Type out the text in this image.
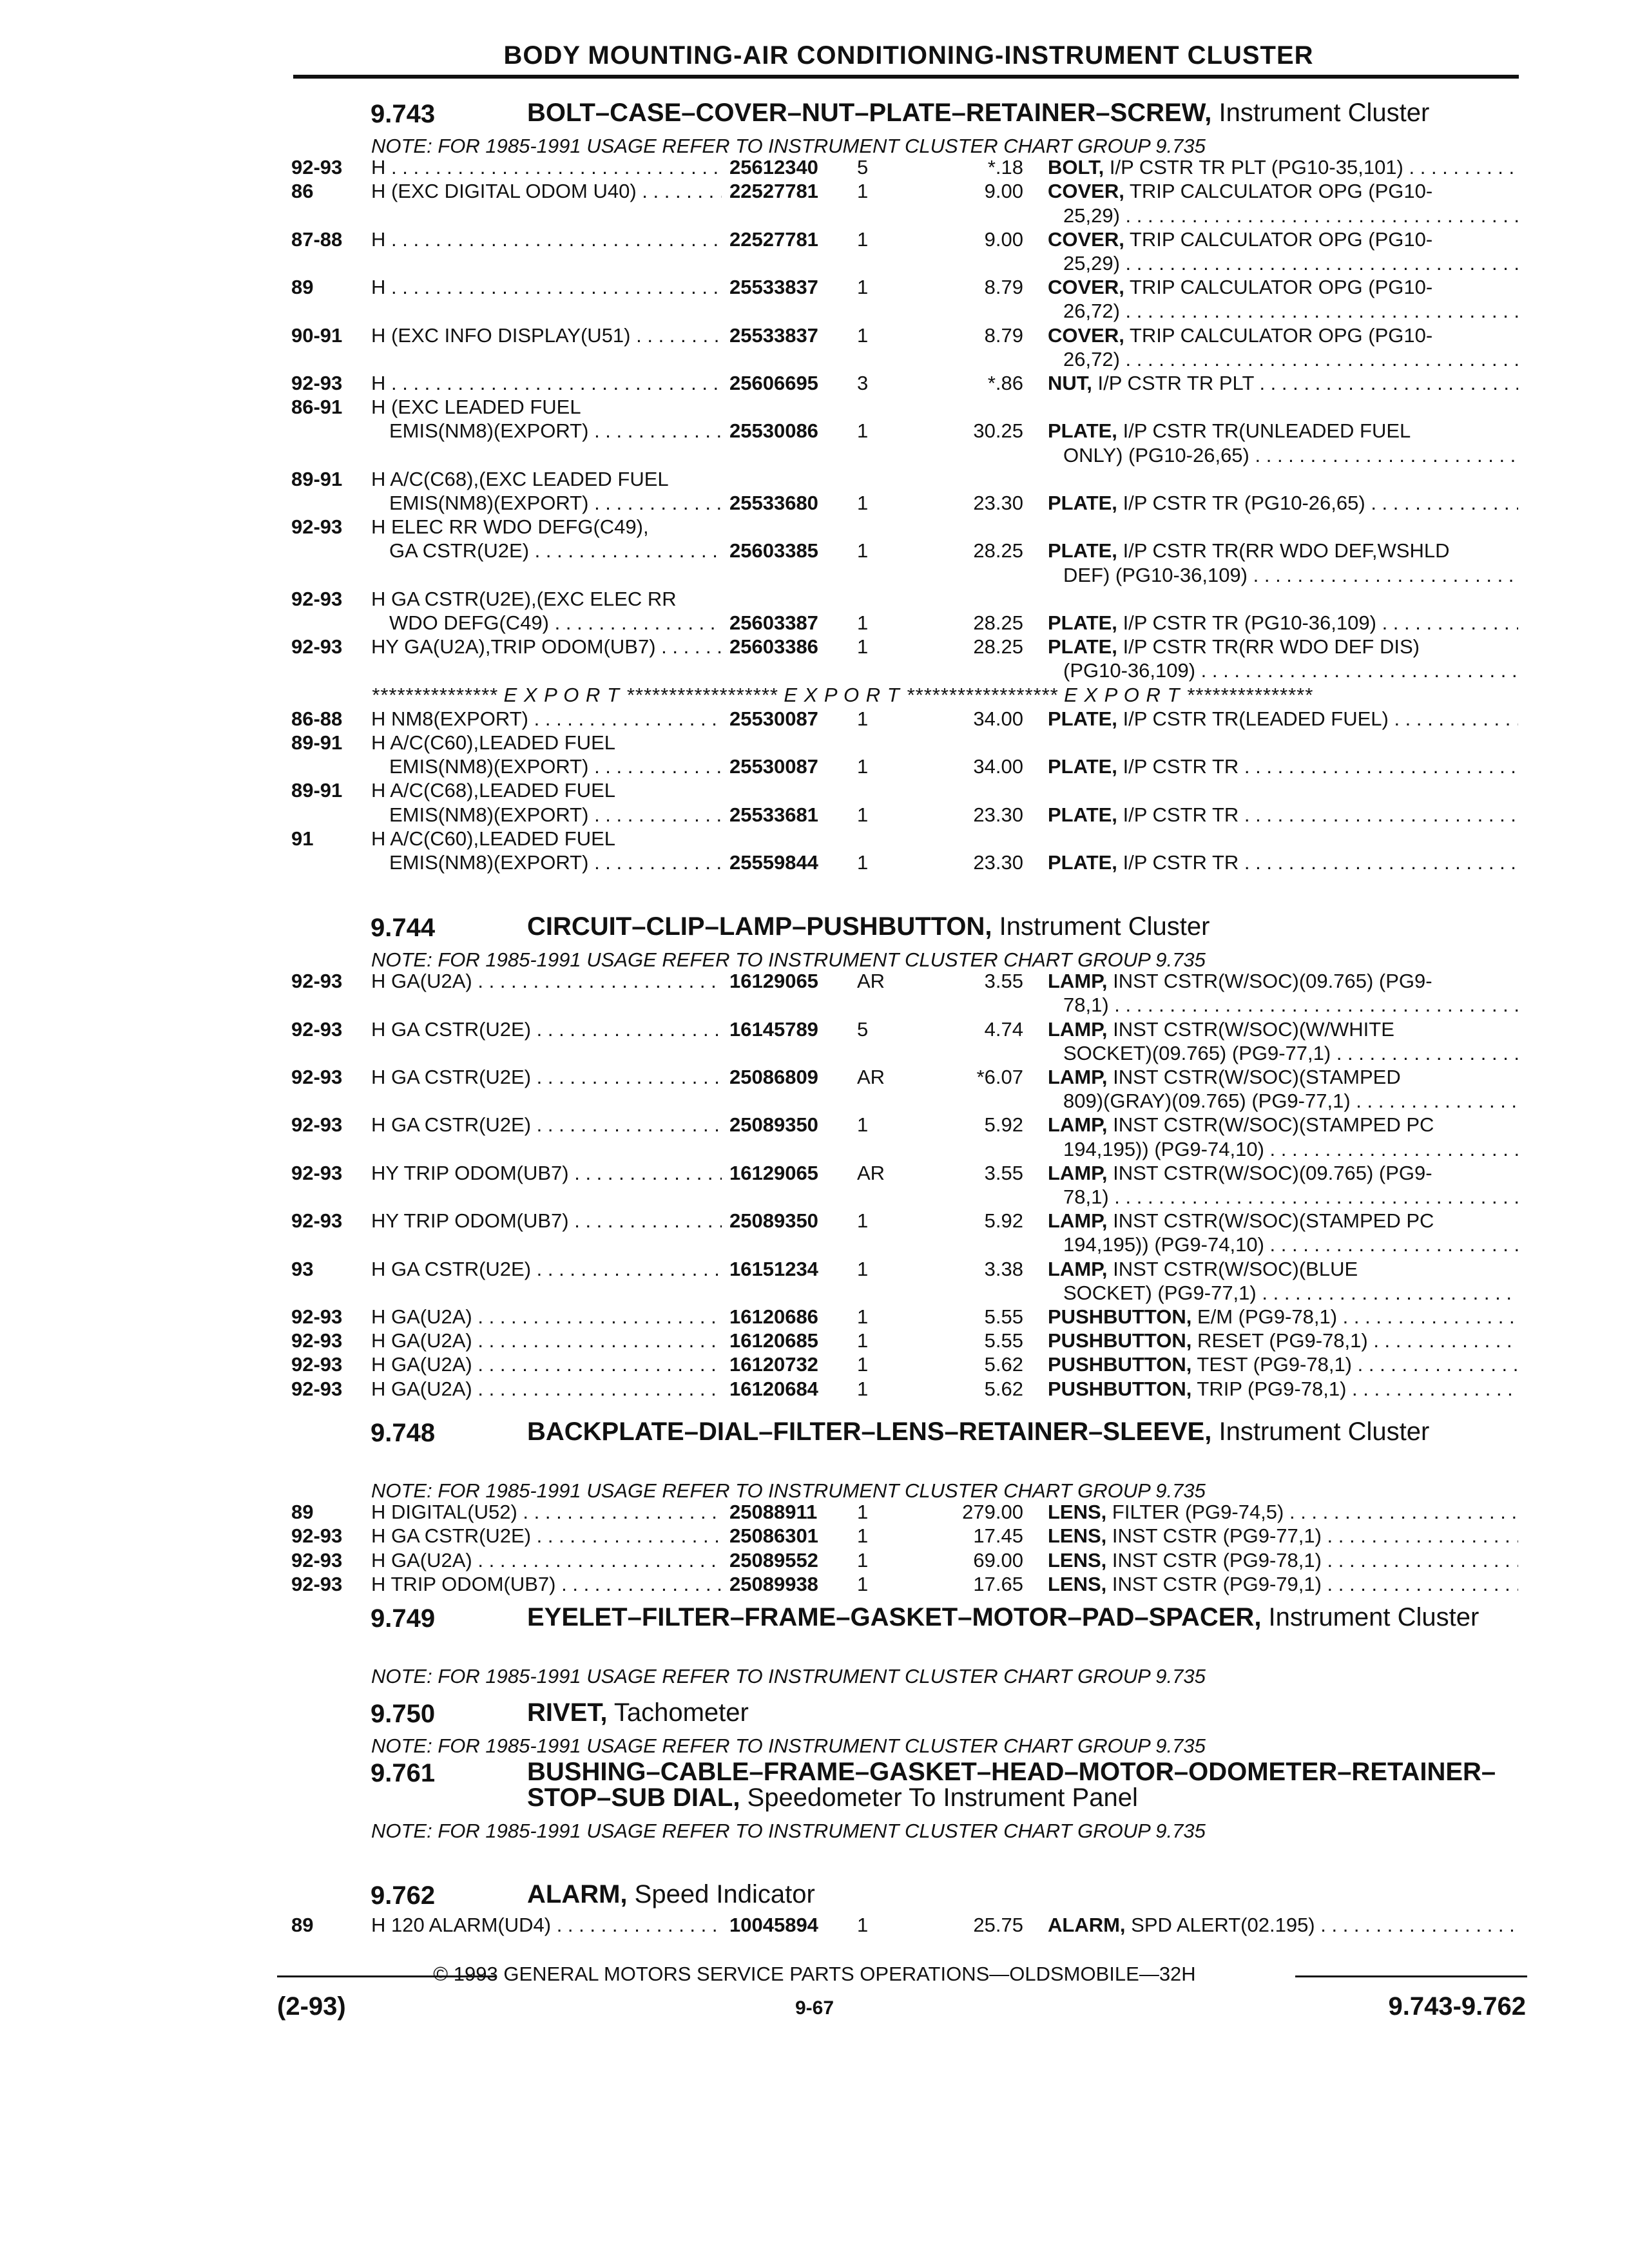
BODY MOUNTING-AIR CONDITIONING-INSTRUMENT CLUSTER
9.743	BOLT–CASE–COVER–NUT–PLATE–RETAINER–SCREW, Instrument Cluster
NOTE: FOR 1985-1991 USAGE REFER TO INSTRUMENT CLUSTER CHART GROUP 9.735
92-93	H . . .	25612340	5	*.18 BOLT, I/P CSTR TR PLT (PG10-35,101) . . .
86	H (EXC DIGITAL ODOM U40) . . .	22527781	1	9.00 COVER, TRIP CALCULATOR OPG (PG10-
25,29) . . .
87-88	H . . .	22527781	1	9.00 COVER, TRIP CALCULATOR OPG (PG10-
25,29) . . .
89	H . . .	25533837	1	8.79 COVER, TRIP CALCULATOR OPG (PG10-
26,72) . . .
90-91	H (EXC INFO DISPLAY(U51) . . .	25533837	1	8.79 COVER, TRIP CALCULATOR OPG (PG10-
26,72) . . .
92-93	H . . .	25606695	3	*.86 NUT, I/P CSTR TR PLT . . .
86-91	H (EXC LEADED FUEL
EMIS(NM8)(EXPORT) . . .	25530086	1	30.25 PLATE, I/P CSTR TR(UNLEADED FUEL
ONLY) (PG10-26,65) . . .
89-91	H A/C(C68),(EXC LEADED FUEL
EMIS(NM8)(EXPORT) . . .	25533680	1	23.30 PLATE, I/P CSTR TR (PG10-26,65) . . .
92-93	H ELEC RR WDO DEFG(C49),
GA CSTR(U2E) . . .	25603385	1	28.25 PLATE, I/P CSTR TR(RR WDO DEF,WSHLD
DEF) (PG10-36,109) . . .
92-93	H GA CSTR(U2E),(EXC ELEC RR
WDO DEFG(C49) . . .	25603387	1	28.25 PLATE, I/P CSTR TR (PG10-36,109) . . .
92-93	HY GA(U2A),TRIP ODOM(UB7) . . .	25603386	1	28.25 PLATE, I/P CSTR TR(RR WDO DEF DIS)
(PG10-36,109) . . .
*************** E X P O R T ****************** E X P O R T ****************** E X P O R T ***************
86-88	H NM8(EXPORT) . . .	25530087	1	34.00 PLATE, I/P CSTR TR(LEADED FUEL) . . .
89-91	H A/C(C60),LEADED FUEL
EMIS(NM8)(EXPORT) . . .	25530087	1	34.00 PLATE, I/P CSTR TR . . .
89-91	H A/C(C68),LEADED FUEL
EMIS(NM8)(EXPORT) . . .	25533681	1	23.30 PLATE, I/P CSTR TR . . .
91	H A/C(C60),LEADED FUEL
EMIS(NM8)(EXPORT) . . .	25559844	1	23.30 PLATE, I/P CSTR TR . . .
9.744	CIRCUIT–CLIP–LAMP–PUSHBUTTON, Instrument Cluster
NOTE: FOR 1985-1991 USAGE REFER TO INSTRUMENT CLUSTER CHART GROUP 9.735
92-93	H GA(U2A) . . .	16129065	AR	3.55 LAMP, INST CSTR(W/SOC)(09.765) (PG9-
78,1) . . .
92-93	H GA CSTR(U2E) . . .	16145789	5	4.74 LAMP, INST CSTR(W/SOC)(W/WHITE
SOCKET)(09.765) (PG9-77,1) . . .
92-93	H GA CSTR(U2E) . . .	25086809	AR	*6.07 LAMP, INST CSTR(W/SOC)(STAMPED
809)(GRAY)(09.765) (PG9-77,1) . . .
92-93	H GA CSTR(U2E) . . .	25089350	1	5.92 LAMP, INST CSTR(W/SOC)(STAMPED PC
194,195)) (PG9-74,10) . . .
92-93	HY TRIP ODOM(UB7) . . .	16129065	AR	3.55 LAMP, INST CSTR(W/SOC)(09.765) (PG9-
78,1) . . .
92-93	HY TRIP ODOM(UB7) . . .	25089350	1	5.92 LAMP, INST CSTR(W/SOC)(STAMPED PC
194,195)) (PG9-74,10) . . .
93	H GA CSTR(U2E) . . .	16151234	1	3.38 LAMP, INST CSTR(W/SOC)(BLUE
SOCKET) (PG9-77,1) . . .
92-93	H GA(U2A) . . .	16120686	1	5.55 PUSHBUTTON, E/M (PG9-78,1) . . .
92-93	H GA(U2A) . . .	16120685	1	5.55 PUSHBUTTON, RESET (PG9-78,1) . . .
92-93	H GA(U2A) . . .	16120732	1	5.62 PUSHBUTTON, TEST (PG9-78,1) . . .
92-93	H GA(U2A) . . .	16120684	1	5.62 PUSHBUTTON, TRIP (PG9-78,1) . . .
9.748	BACKPLATE–DIAL–FILTER–LENS–RETAINER–SLEEVE, Instrument Cluster
NOTE: FOR 1985-1991 USAGE REFER TO INSTRUMENT CLUSTER CHART GROUP 9.735
89	H DIGITAL(U52) . . .	25088911	1	279.00 LENS, FILTER (PG9-74,5) . . .
92-93	H GA CSTR(U2E) . . .	25086301	1	17.45 LENS, INST CSTR (PG9-77,1) . . .
92-93	H GA(U2A) . . .	25089552	1	69.00 LENS, INST CSTR (PG9-78,1) . . .
92-93	H TRIP ODOM(UB7) . . .	25089938	1	17.65 LENS, INST CSTR (PG9-79,1) . . .
9.749	EYELET–FILTER–FRAME–GASKET–MOTOR–PAD–SPACER, Instrument Cluster
NOTE: FOR 1985-1991 USAGE REFER TO INSTRUMENT CLUSTER CHART GROUP 9.735
9.750	RIVET, Tachometer
NOTE: FOR 1985-1991 USAGE REFER TO INSTRUMENT CLUSTER CHART GROUP 9.735
9.761	BUSHING–CABLE–FRAME–GASKET–HEAD–MOTOR–ODOMETER–RETAINER–STOP–SUB DIAL, Speedometer To Instrument Panel
NOTE: FOR 1985-1991 USAGE REFER TO INSTRUMENT CLUSTER CHART GROUP 9.735
9.762	ALARM, Speed Indicator
89	H 120 ALARM(UD4) . . .	10045894	1	25.75 ALARM, SPD ALERT(02.195) . . .
© 1993 GENERAL MOTORS SERVICE PARTS OPERATIONS—OLDSMOBILE—32H
(2-93)	9-67	9.743-9.762
